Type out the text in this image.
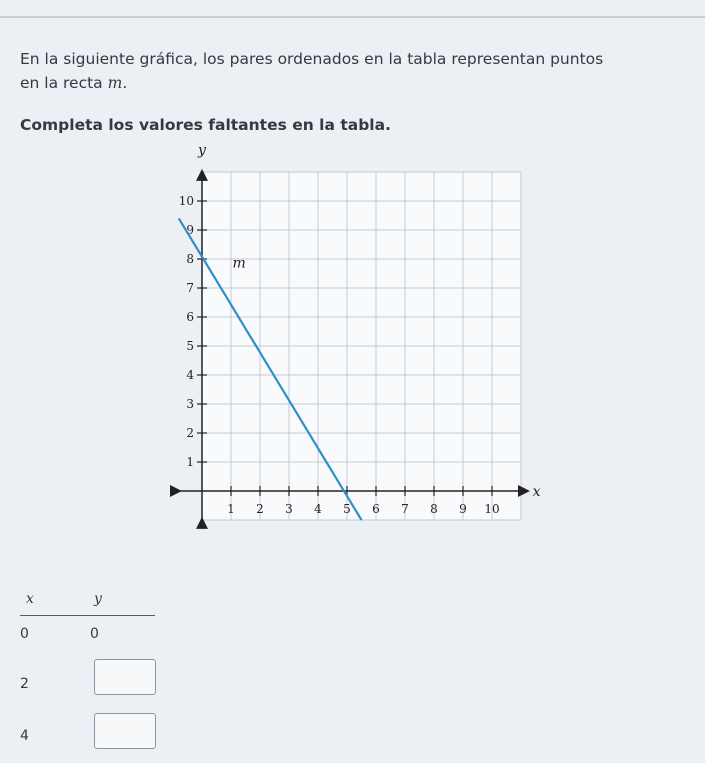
En la siguiente gráfica, los pares ordenados en la tabla representan puntos

en la recta m.

Completa los valores faltantes en la tabla.

x
y
1 2 3 4 5 6 7 8 9 10
1
2
3
4
5
6
7
8
9
10
m
x	y
0	0
2
4
